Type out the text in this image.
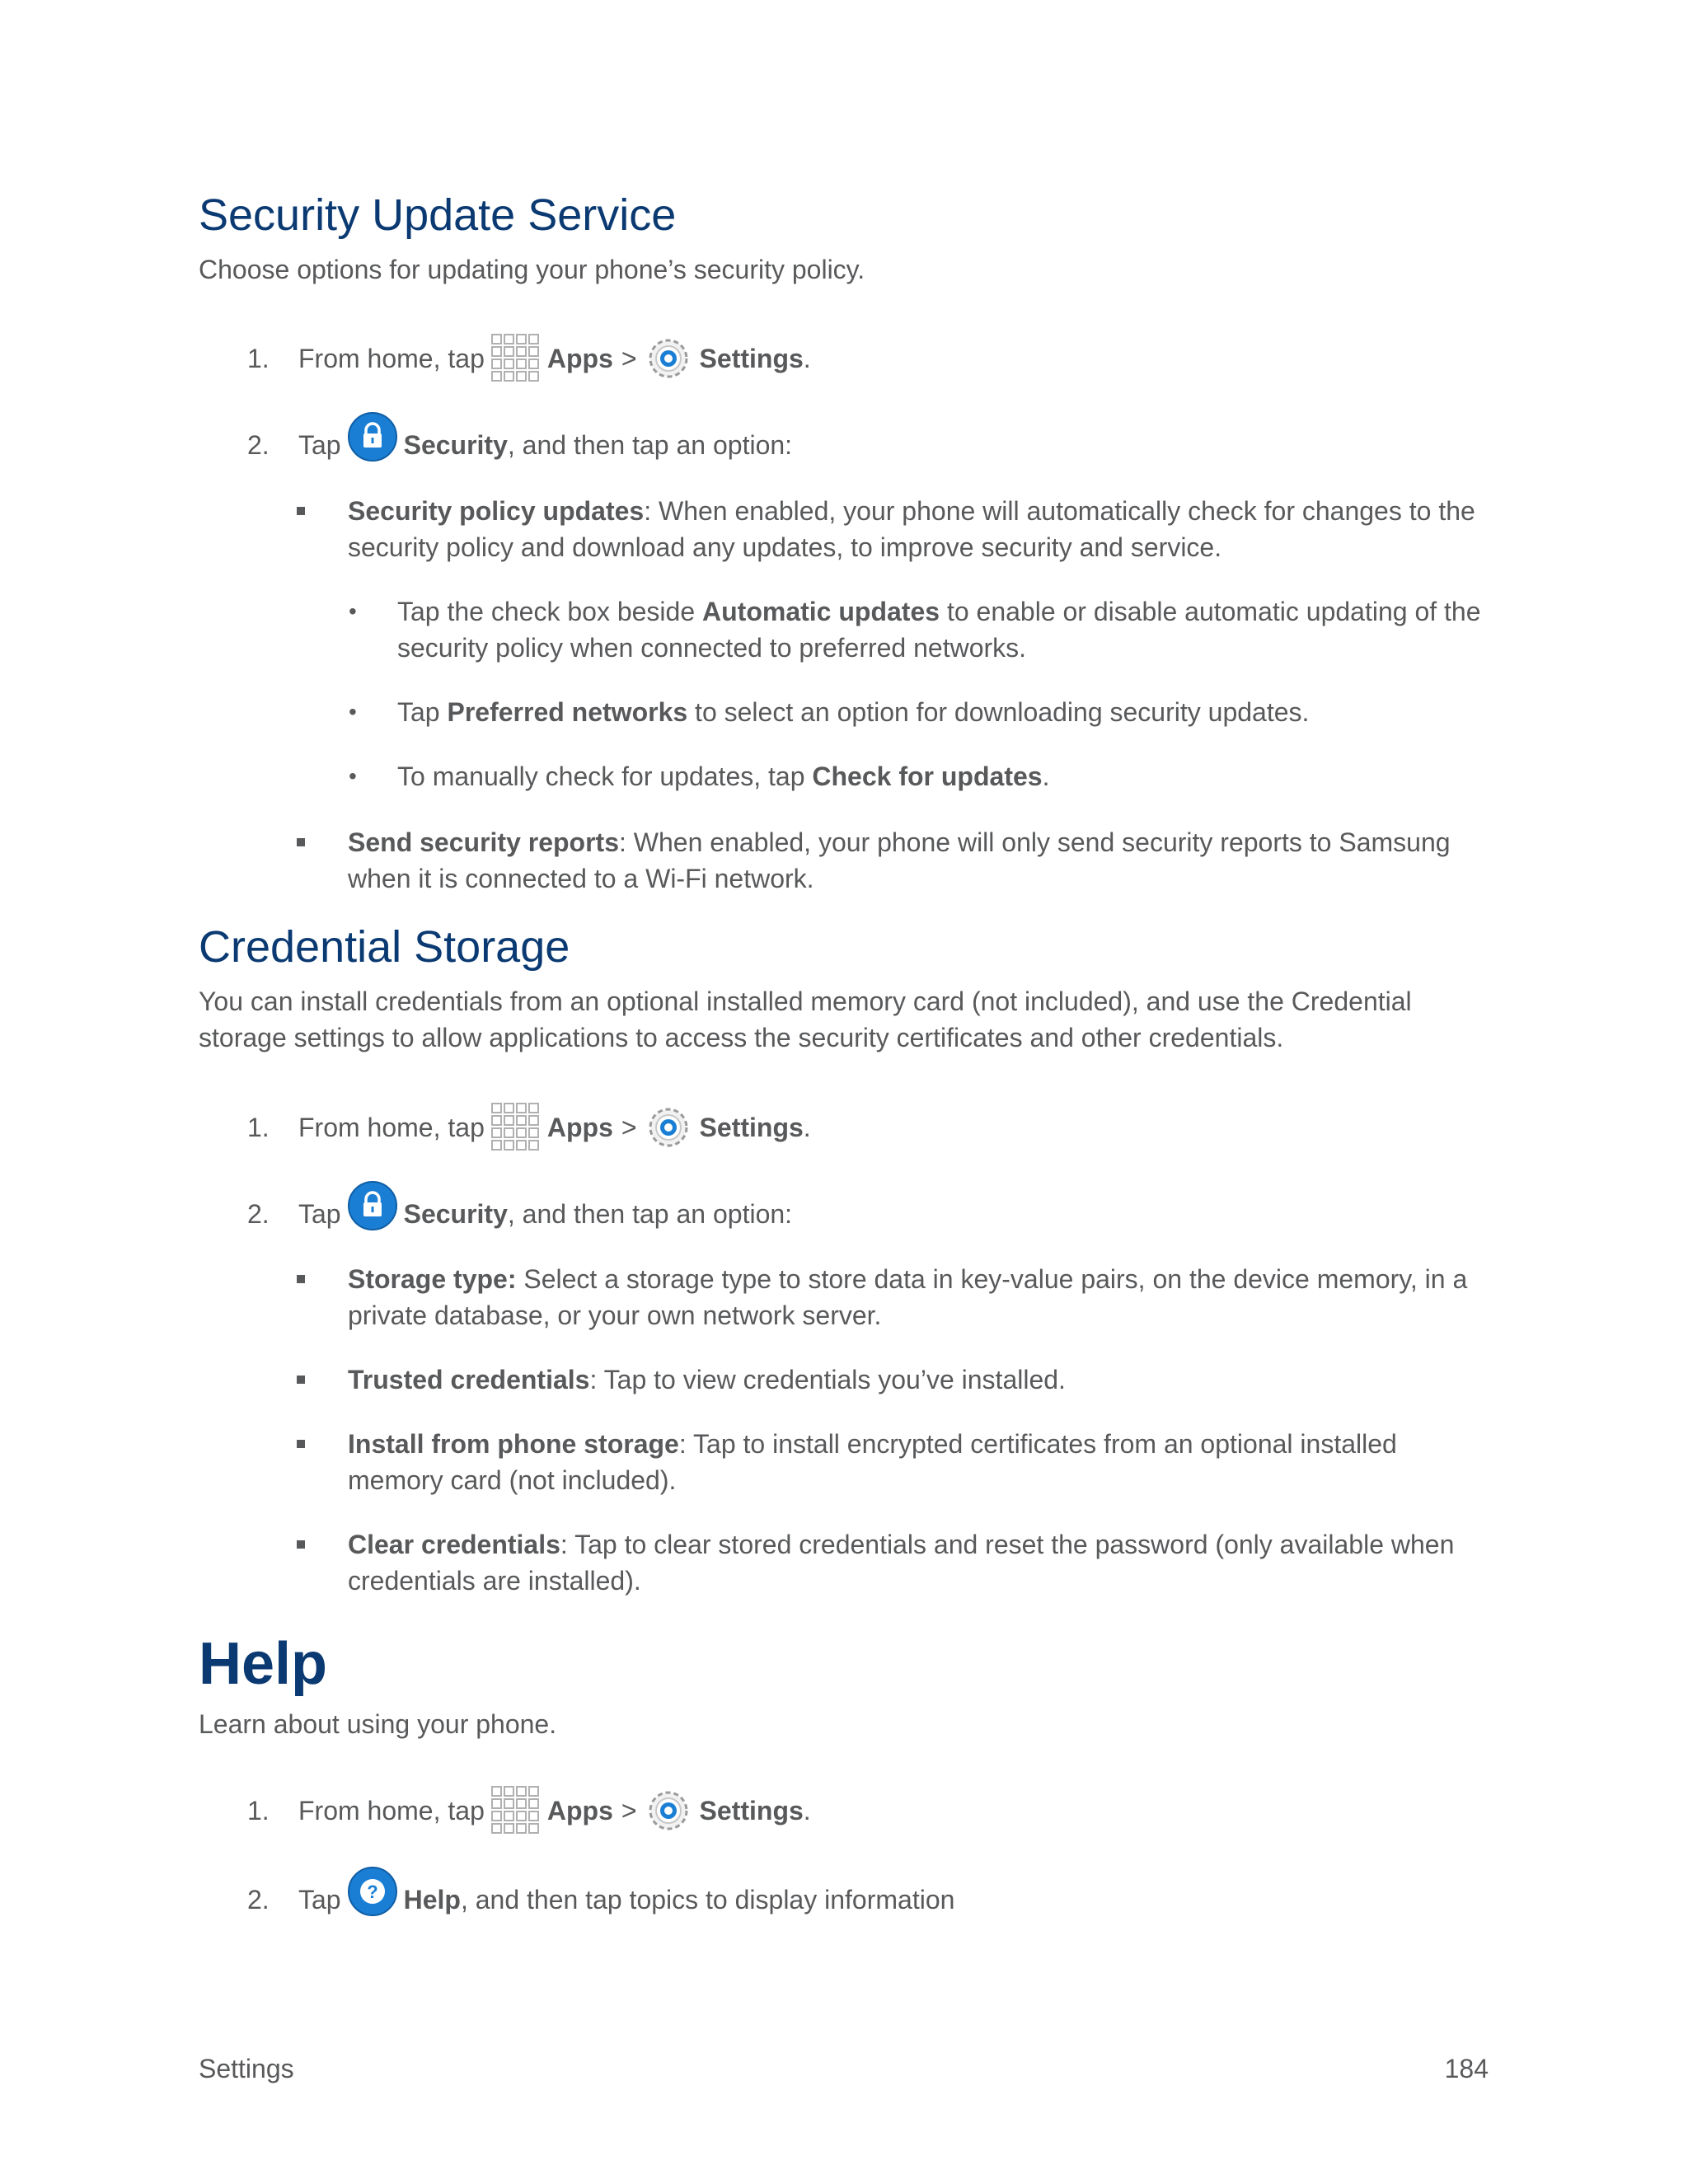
Security Update Service

Choose options for updating your phone’s security policy.

1.	From home, tap Apps > Settings .
2.	Tap Security , and then tap an option:
Security policy updates: When enabled, your phone will automatically check for changes to the security policy and download any updates, to improve security and service.
• Tap the check box beside Automatic updates to enable or disable automatic updating of the security policy when connected to preferred networks.
• Tap Preferred networks to select an option for downloading security updates.
• To manually check for updates, tap Check for updates.
Send security reports: When enabled, your phone will only send security reports to Samsung when it is connected to a Wi-Fi network.
Credential Storage

You can install credentials from an optional installed memory card (not included), and use the Credential storage settings to allow applications to access the security certificates and other credentials.

1.	From home, tap Apps > Settings .
2.	Tap Security , and then tap an option:
Storage type: Select a storage type to store data in key-value pairs, on the device memory, in a private database, or your own network server.
Trusted credentials: Tap to view credentials you’ve installed.
Install from phone storage: Tap to install encrypted certificates from an optional installed memory card (not included).
Clear credentials: Tap to clear stored credentials and reset the password (only available when credentials are installed).
Help

Learn about using your phone.

1.	From home, tap Apps > Settings .
2.	Tap Help , and then tap topics to display information
Settings	184
